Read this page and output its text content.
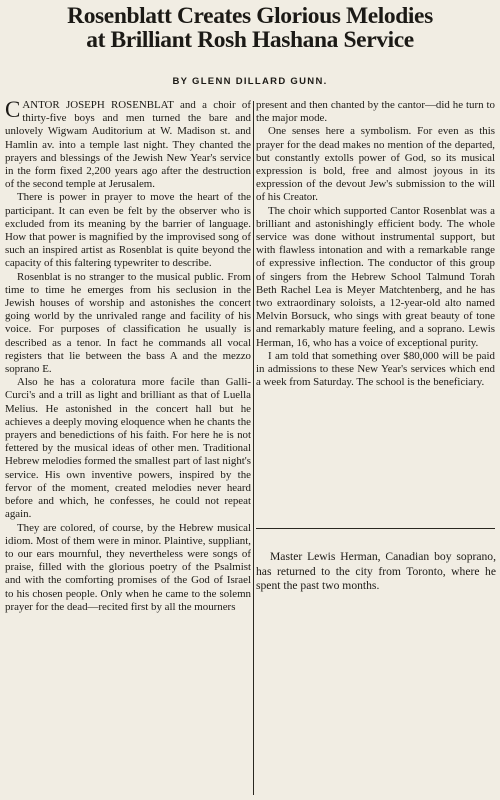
Rosenblatt Creates Glorious Melodies
at Brilliant Rosh Hashana Service
BY GLENN DILLARD GUNN.

CANTOR JOSEPH ROSENBLAT and a choir of thirty-five boys and men turned the bare and unlovely Wigwam Auditorium at W. Madison st. and Hamlin av. into a temple last night. They chanted the prayers and blessings of the Jewish New Year's service in the form fixed 2,200 years ago after the destruction of the second temple at Jerusalem.

There is power in prayer to move the heart of the participant. It can even be felt by the observer who is excluded from its meaning by the barrier of language. How that power is magnified by the improvised song of such an inspired artist as Rosenblat is quite beyond the capacity of this faltering typewriter to describe.

Rosenblat is no stranger to the musical public. From time to time he emerges from his seclusion in the Jewish houses of worship and astonishes the concert going world by the unrivaled range and facility of his voice. For purposes of classification he usually is described as a tenor. In fact he commands all vocal registers that lie between the bass A and the mezzo soprano E.

Also he has a coloratura more facile than Galli-Curci's and a trill as light and brilliant as that of Luella Melius. He astonished in the concert hall but he achieves a deeply moving eloquence when he chants the prayers and benedictions of his faith. For here he is not fettered by the musical ideas of other men. Traditional Hebrew melodies formed the smallest part of last night's service. His own inventive powers, inspired by the fervor of the moment, created melodies never heard before and which, he confesses, he could not repeat again.

They are colored, of course, by the Hebrew musical idiom. Most of them were in minor. Plaintive, suppliant, to our ears mournful, they nevertheless were songs of praise, filled with the glorious poetry of the Psalmist and with the comforting promises of the God of Israel to his chosen people. Only when he came to the solemn prayer for the dead—recited first by all the mourners

present and then chanted by the cantor—did he turn to the major mode.

One senses here a symbolism. For even as this prayer for the dead makes no mention of the departed, but constantly extolls power of God, so its musical expression is bold, free and almost joyous in its expression of the devout Jew's submission to the will of his Creator.

The choir which supported Cantor Rosenblat was a brilliant and astonishingly efficient body. The whole service was done without instrumental support, but with flawless intonation and with a remarkable range of expressive inflection. The conductor of this group of singers from the Hebrew School Talmund Torah Beth Rachel Lea is Meyer Matchtenberg, and he has two extraordinary soloists, a 12-year-old alto named Melvin Borsuck, who sings with great beauty of tone and remarkably mature feeling, and a soprano. Lewis Herman, 16, who has a voice of exceptional purity.

I am told that something over $80,000 will be paid in admissions to these New Year's services which end a week from Saturday. The school is the beneficiary.

Master Lewis Herman, Canadian boy soprano, has returned to the city from Toronto, where he spent the past two months.
